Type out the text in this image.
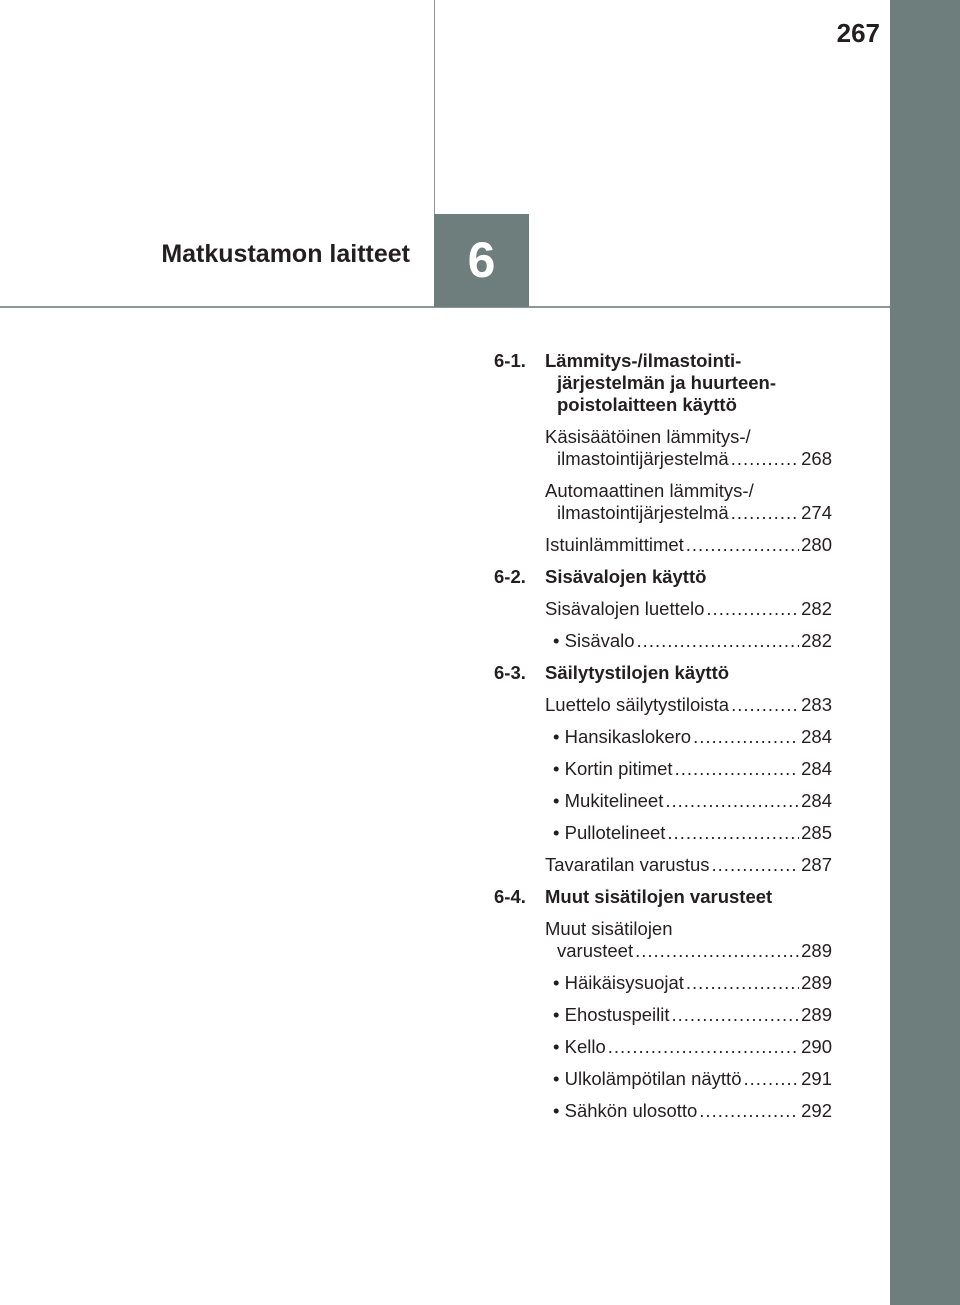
267
Matkustamon laitteet	6
6-1. Lämmitys-/ilmastointi-
järjestelmän ja huurteen-
poistolaitteen käyttö
Käsisäätöinen lämmitys-/
ilmastointijärjestelmä .....	268
Automaattinen lämmitys-/
ilmastointijärjestelmä .....	274
Istuinlämmittimet .....	280
6-2. Sisävalojen käyttö
Sisävalojen luettelo .....	282
• Sisävalo .....	282
6-3. Säilytystilojen käyttö
Luettelo säilytystiloista .....	283
• Hansikaslokero .....	284
• Kortin pitimet .....	284
• Mukitelineet .....	284
• Pullotelineet .....	285
Tavaratilan varustus .....	287
6-4. Muut sisätilojen varusteet
Muut sisätilojen
varusteet .....	289
• Häikäisysuojat .....	289
• Ehostuspeilit .....	289
• Kello .....	290
• Ulkolämpötilan näyttö .....	291
• Sähkön ulosotto .....	292
